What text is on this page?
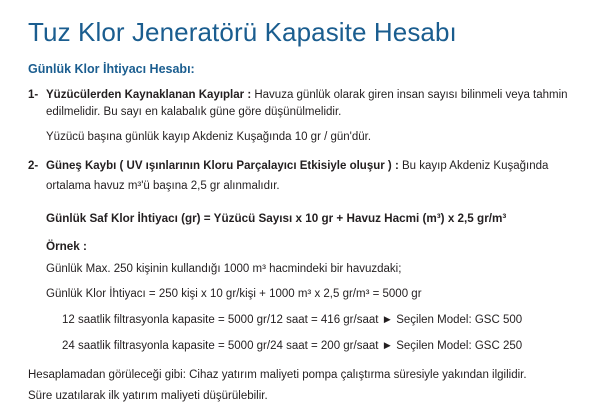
Tuz Klor Jeneratörü Kapasite Hesabı
Günlük Klor İhtiyacı Hesabı:
1- Yüzücülerden Kaynaklanan Kayıplar : Havuza günlük olarak giren insan sayısı bilinmeli veya tahmin edilmelidir. Bu sayı en kalabalık güne göre düşünülmelidir.

Yüzücü başına günlük kayıp Akdeniz Kuşağında 10 gr / gün'dür.

2- Güneş Kaybı ( UV ışınlarının Kloru Parçalayıcı Etkisiyle oluşur ) : Bu kayıp Akdeniz Kuşağında

ortalama havuz m³'ü başına 2,5 gr alınmalıdır.

Günlük Saf Klor İhtiyacı (gr) = Yüzücü Sayısı x 10 gr + Havuz Hacmi (m³) x 2,5 gr/m³
Örnek :
Günlük Max. 250 kişinin kullandığı 1000 m³ hacmindeki bir havuzdaki;
Günlük Klor İhtiyacı = 250 kişi x 10 gr/kişi + 1000 m³ x 2,5 gr/m³ = 5000 gr
12 saatlik filtrasyonla kapasite = 5000 gr/12 saat = 416 gr/saat ► Seçilen Model: GSC 500
24 saatlik filtrasyonla kapasite = 5000 gr/24 saat = 200 gr/saat ► Seçilen Model: GSC 250

Hesaplamadan görüleceği gibi: Cihaz yatırım maliyeti pompa çalıştırma süresiyle yakından ilgilidir.

Süre uzatılarak ilk yatırım maliyeti düşürülebilir.
